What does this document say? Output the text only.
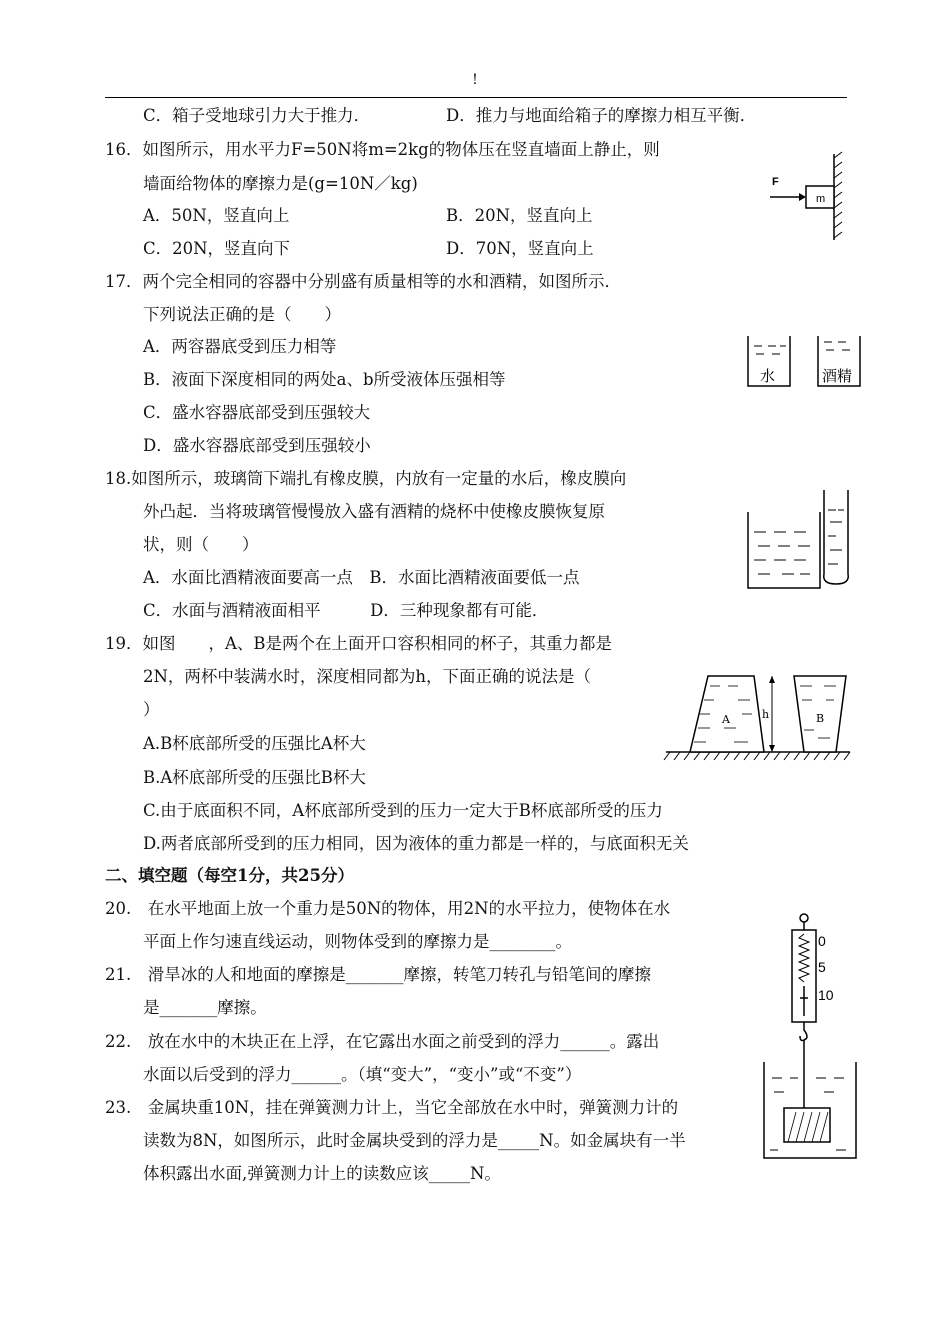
!
C．箱子受地球引力大于推力．	D．推力与地面给箱子的摩擦力相互平衡．
16．如图所示，用水平力F=50N将m=2kg的物体压在竖直墙面上静止，则
墙面给物体的摩擦力是(g=10N／kg)
A．50N，竖直向上	B．20N，竖直向上
C．20N，竖直向下	D．70N，竖直向上
17．两个完全相同的容器中分别盛有质量相等的水和酒精，如图所示．
下列说法正确的是（　　）
A．两容器底受到压力相等
B．液面下深度相同的两处a、b所受液体压强相等
C．盛水容器底部受到压强较大
D．盛水容器底部受到压强较小
18.如图所示，玻璃筒下端扎有橡皮膜，内放有一定量的水后，橡皮膜向
外凸起．当将玻璃管慢慢放入盛有酒精的烧杯中使橡皮膜恢复原
状，则（　　）
A．水面比酒精液面要高一点　B．水面比酒精液面要低一点
C．水面与酒精液面相平　　　D．三种现象都有可能．
19．如图　　，A、B是两个在上面开口容积相同的杯子，其重力都是
2N，两杯中装满水时，深度相同都为h，下面正确的说法是（
）
A.B杯底部所受的压强比A杯大
B.A杯底部所受的压强比B杯大
C.由于底面积不同，A杯底部所受到的压力一定大于B杯底部所受的压力
D.两者底部所受到的压力相同，因为液体的重力都是一样的，与底面积无关
二、填空题（每空1分，共25分）
20.　在水平地面上放一个重力是50N的物体，用2N的水平拉力，使物体在水
平面上作匀速直线运动，则物体受到的摩擦力是________。
21.　滑旱冰的人和地面的摩擦是_______摩擦，转笔刀转孔与铅笔间的摩擦
是_______摩擦。
22.　放在水中的木块正在上浮，在它露出水面之前受到的浮力______。露出
水面以后受到的浮力______。（填“变大”，“变小”或“不变”）
23.　金属块重10N，挂在弹簧测力计上，当它全部放在水中时，弹簧测力计的
读数为8N，如图所示，此时金属块受到的浮力是_____N。如金属块有一半
体积露出水面,弹簧测力计上的读数应该_____N。
F
m
水	酒精
A	B
h
0
5
10
